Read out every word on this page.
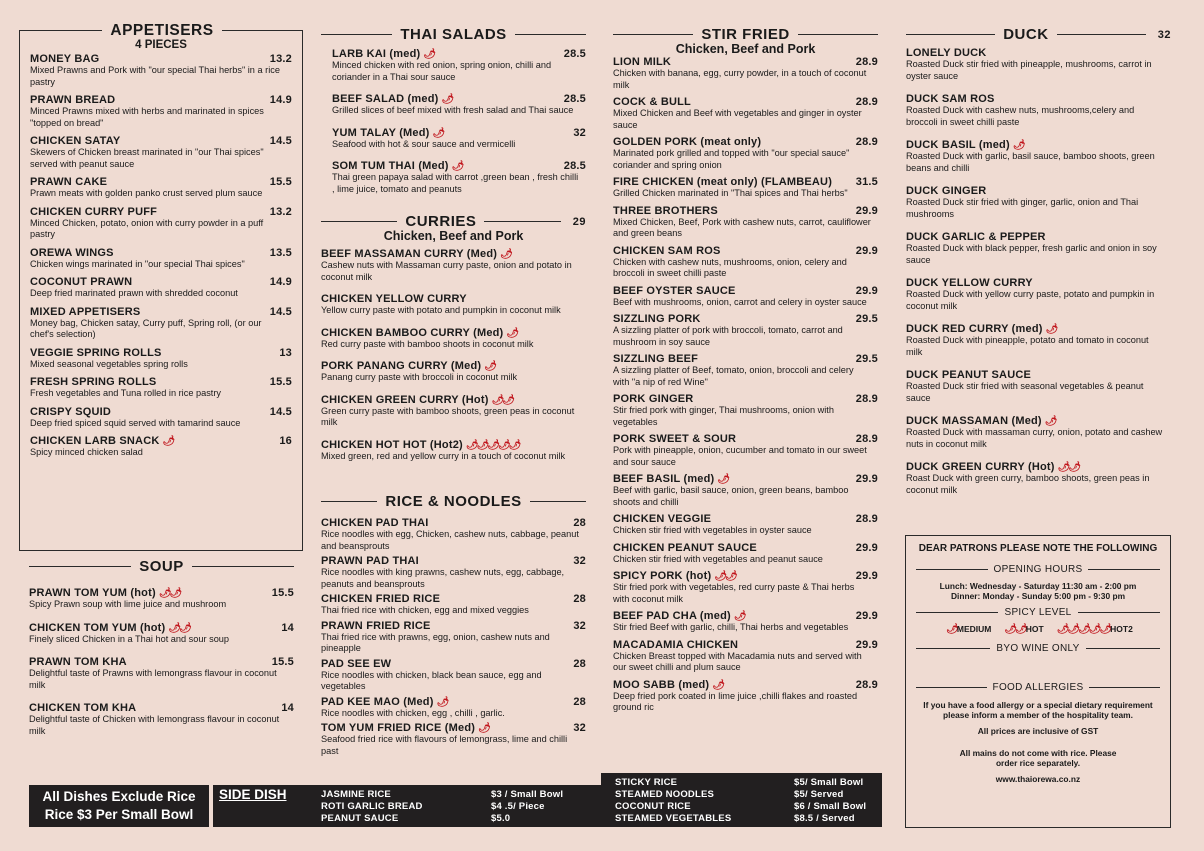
APPETISERS
4 PIECES
MONEY BAG	13.2
Mixed Prawns and Pork with "our special Thai herbs" in a rice pastry
PRAWN BREAD	14.9
Minced Prawns mixed with herbs and marinated in spices "topped on bread"
CHICKEN SATAY	14.5
Skewers of Chicken breast marinated in "our Thai spices" served with peanut sauce
PRAWN CAKE	15.5
Prawn meats with golden panko crust served plum sauce
CHICKEN CURRY PUFF	13.2
Minced Chicken, potato, onion with curry powder in a puff pastry
OREWA WINGS	13.5
Chicken wings marinated in "our special Thai spices"
COCONUT PRAWN	14.9
Deep fried marinated prawn with shredded coconut
MIXED APPETISERS	14.5
Money bag, Chicken satay, Curry puff, Spring roll, (or our chef's selection)
VEGGIE SPRING ROLLS	13
Mixed seasonal vegetables spring rolls
FRESH SPRING ROLLS	15.5
Fresh vegetables and Tuna rolled in rice pastry
CRISPY SQUID	14.5
Deep fried spiced squid served with tamarind sauce
CHICKEN LARB SNACK 🌶	16
Spicy minced chicken salad
SOUP
PRAWN TOM YUM (hot) 🌶🌶	15.5
Spicy Prawn soup with lime juice and mushroom
CHICKEN TOM YUM (hot) 🌶🌶	14
Finely sliced Chicken in a Thai hot and sour soup
PRAWN TOM KHA	15.5
Delightful taste of Prawns with lemongrass flavour in coconut milk
CHICKEN TOM KHA	14
Delightful taste of Chicken with lemongrass flavour in coconut milk
THAI SALADS
LARB KAI (med) 🌶	28.5
Minced chicken with red onion, spring onion, chilli and coriander in a Thai sour sauce
BEEF SALAD (med) 🌶	28.5
Grilled slices of beef mixed with fresh salad and Thai sauce
YUM TALAY (Med) 🌶	32
Seafood with hot & sour sauce and vermicelli
SOM TUM THAI (Med) 🌶	28.5
Thai green papaya salad with carrot ,green bean , fresh chilli , lime juice, tomato and peanuts
CURRIES	29
Chicken, Beef and Pork
BEEF MASSAMAN CURRY (Med) 🌶
Cashew nuts with Massaman curry paste, onion and potato in coconut milk
CHICKEN YELLOW CURRY
Yellow curry paste with potato and pumpkin in coconut milk
CHICKEN BAMBOO CURRY (Med) 🌶
Red curry paste with bamboo shoots in coconut milk
PORK PANANG CURRY (Med) 🌶
Panang curry paste with broccoli in coconut milk
CHICKEN GREEN CURRY (Hot) 🌶🌶
Green curry paste with bamboo shoots, green peas in coconut milk
CHICKEN HOT HOT (Hot2) 🌶🌶🌶🌶🌶
Mixed green, red and yellow curry in a touch of coconut milk
RICE & NOODLES
CHICKEN PAD THAI	28
Rice noodles with egg, Chicken, cashew nuts, cabbage, peanut and beansprouts
PRAWN PAD THAI	32
Rice noodles with king prawns, cashew nuts, egg, cabbage, peanuts and beansprouts
CHICKEN FRIED RICE	28
Thai fried rice with chicken, egg and mixed veggies
PRAWN FRIED RICE	32
Thai fried rice with prawns, egg, onion, cashew nuts and pineapple
PAD SEE EW	28
Rice noodles with chicken, black bean sauce, egg and vegetables
PAD KEE MAO (Med) 🌶	28
Rice noodles with chicken, egg , chilli , garlic.
TOM YUM FRIED RICE (Med) 🌶	32
Seafood fried rice with flavours of lemongrass, lime and chilli past
STIR FRIED
Chicken, Beef and Pork
LION MILK	28.9
Chicken with banana, egg, curry powder, in a touch of coconut milk
COCK & BULL	28.9
Mixed Chicken and Beef with vegetables and ginger in oyster sauce
GOLDEN PORK (meat only)	28.9
Marinated pork grilled and topped with "our special sauce" coriander and spring onion
FIRE CHICKEN (meat only) (FLAMBEAU) 31.5
Grilled Chicken marinated in "Thai spices and Thai herbs"
THREE BROTHERS	29.9
Mixed Chicken, Beef, Pork with cashew nuts, carrot, cauliflower and green beans
CHICKEN SAM ROS	29.9
Chicken with cashew nuts, mushrooms, onion, celery and broccoli in sweet chilli paste
BEEF OYSTER SAUCE	29.9
Beef with mushrooms, onion, carrot and celery in oyster sauce
SIZZLING PORK	29.5
A sizzling platter of pork with broccoli, tomato, carrot and mushroom in soy sauce
SIZZLING BEEF	29.5
A sizzling platter of Beef, tomato, onion, broccoli and celery with "a nip of red Wine"
PORK GINGER	28.9
Stir fried pork with ginger, Thai mushrooms, onion with vegetables
PORK SWEET & SOUR	28.9
Pork with pineapple, onion, cucumber and tomato in our sweet and sour sauce
BEEF BASIL (med) 🌶	29.9
Beef with garlic, basil sauce, onion, green beans, bamboo shoots and chilli
CHICKEN VEGGIE	28.9
Chicken stir fried with vegetables in oyster sauce
CHICKEN PEANUT SAUCE	29.9
Chicken stir fried with vegetables and peanut sauce
SPICY PORK (hot) 🌶🌶	29.9
Stir fried pork with vegetables, red curry paste & Thai herbs with coconut milk
BEEF PAD CHA (med) 🌶	29.9
Stir fried Beef with garlic, chilli, Thai herbs and vegetables
MACADAMIA CHICKEN	29.9
Chicken Breast topped with Macadamia nuts and served with our sweet chilli and plum sauce
MOO SABB (med) 🌶	28.9
Deep fried pork coated in lime juice ,chilli flakes and roasted ground ric
DUCK	32
LONELY DUCK
Roasted Duck stir fried with pineapple, mushrooms, carrot in oyster sauce
DUCK SAM ROS
Roasted Duck with cashew nuts, mushrooms,celery and broccoli in sweet chilli paste
DUCK BASIL (med) 🌶
Roasted Duck with garlic, basil sauce, bamboo shoots, green beans and chilli
DUCK GINGER
Roasted Duck stir fried with ginger, garlic, onion and Thai mushrooms
DUCK GARLIC & PEPPER
Roasted Duck with black pepper, fresh garlic and onion in soy sauce
DUCK YELLOW CURRY
Roasted Duck with yellow curry paste, potato and pumpkin in coconut milk
DUCK RED CURRY (med) 🌶
Roasted Duck with pineapple, potato and tomato in coconut milk
DUCK PEANUT SAUCE
Roasted Duck stir fried with seasonal vegetables & peanut sauce
DUCK MASSAMAN (Med) 🌶
Roasted Duck with massaman curry, onion, potato and cashew nuts in coconut milk
DUCK GREEN CURRY (Hot) 🌶🌶
Roast Duck with green curry, bamboo shoots, green peas in coconut milk
DEAR PATRONS PLEASE NOTE THE FOLLOWING
OPENING HOURS

Lunch: Wednesday - Saturday 11:30 am - 2:00 pm

Dinner: Monday - Sunday 5:00 pm - 9:30 pm

SPICY LEVEL
🌶MEDIUM	🌶🌶HOT	🌶🌶🌶🌶🌶HOT2
BYO WINE ONLY
FOOD ALLERGIES

If you have a food allergy or a special dietary requirement please inform a member of the hospitality team.

All prices are inclusive of GST

All mains do not come with rice. Please order rice separately.

www.thaiorewa.co.nz

All Dishes Exclude Rice
Rice $3 Per Small Bowl
SIDE DISH	JASMINE RICE	$3 / Small Bowl
ROTI GARLIC BREAD	$4 .5/ Piece
PEANUT SAUCE	$5.0
STICKY RICE	$5/ Small Bowl
STEAMED NOODLES	$5/ Served
COCONUT RICE	$6 / Small Bowl
STEAMED VEGETABLES	$8.5 / Served
